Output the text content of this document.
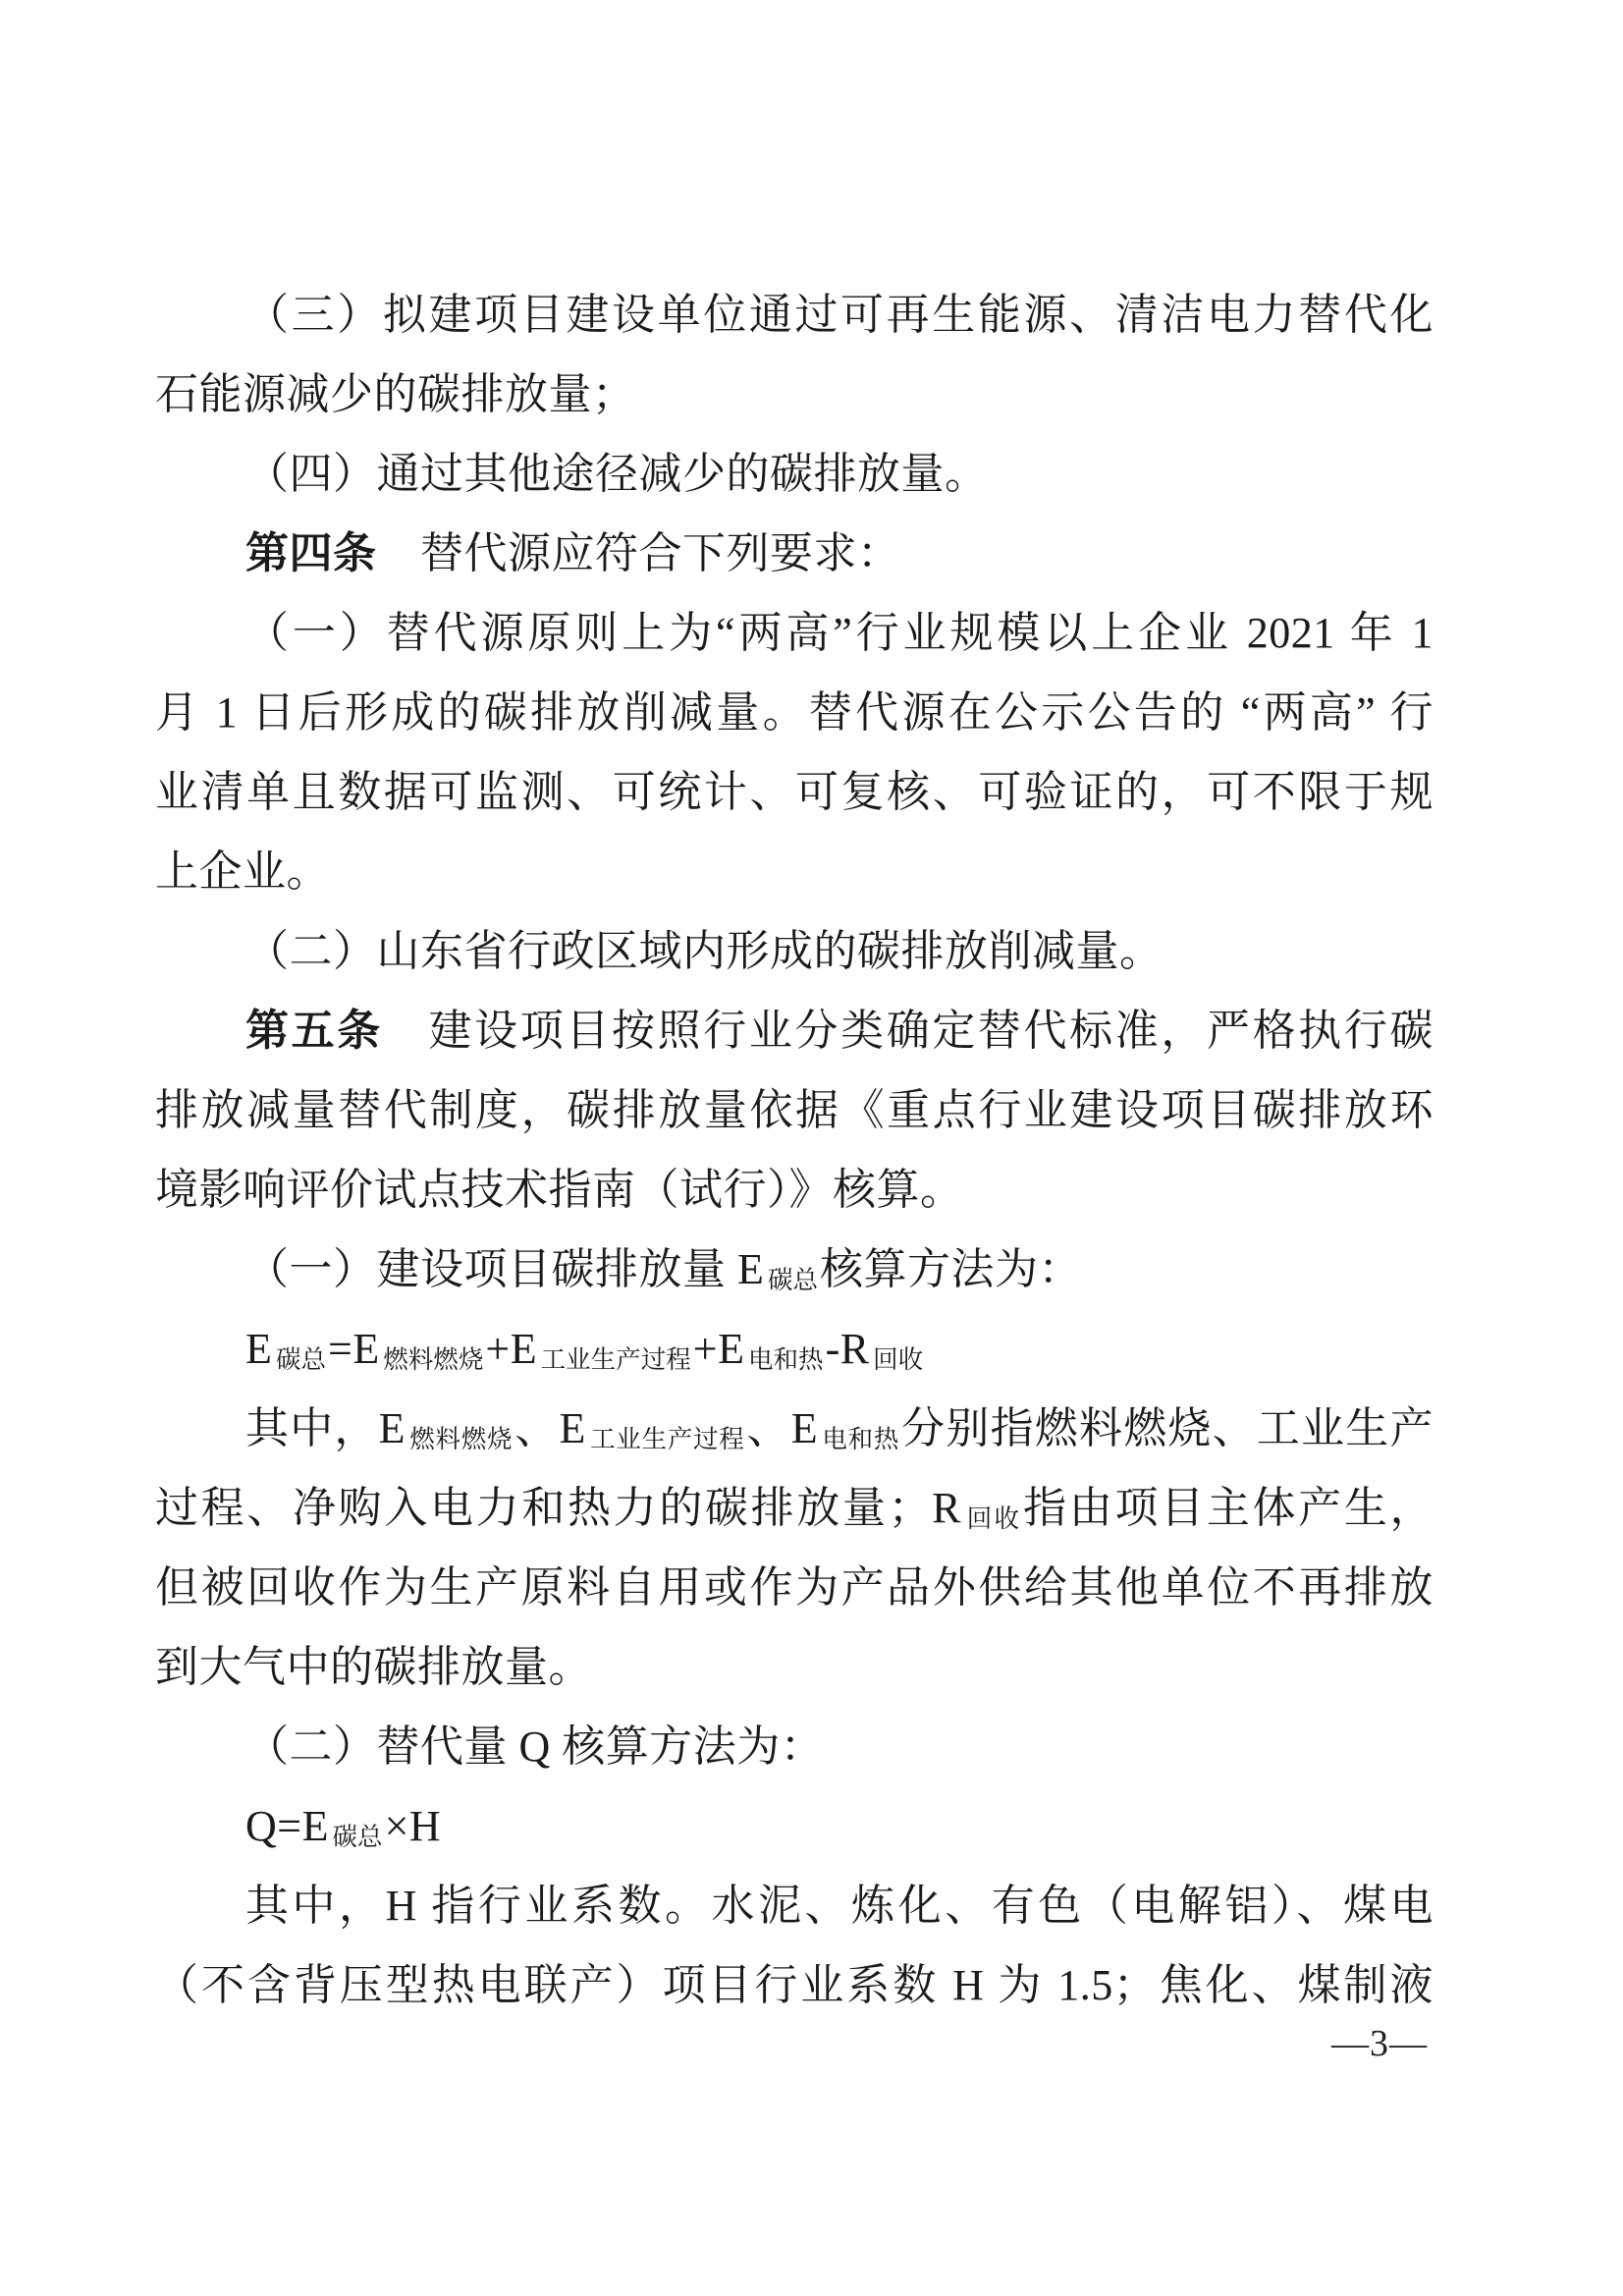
（三）拟建项目建设单位通过可再生能源、清洁电力替代化
石能源减少的碳排放量；
（四）通过其他途径减少的碳排放量。
第四条　替代源应符合下列要求：
（一）替代源原则上为“两高”行业规模以上企业 2021 年 1
月 1 日后形成的碳排放削减量。替代源在公示公告的 “两高” 行
业清单且数据可监测、可统计、可复核、可验证的，可不限于规
上企业。
（二）山东省行政区域内形成的碳排放削减量。
第五条　建设项目按照行业分类确定替代标准，严格执行碳
排放减量替代制度，碳排放量依据《重点行业建设项目碳排放环
境影响评价试点技术指南（试行）》核算。
（一）建设项目碳排放量 E 碳总核算方法为：
E碳总=E 燃料燃烧+E 工业生产过程+E 电和热-R 回收
其中，E 燃料燃烧、E 工业生产过程、E 电和热分别指燃料燃烧、工业生产
过程、净购入电力和热力的碳排放量；R 回收指由项目主体产生，
但被回收作为生产原料自用或作为产品外供给其他单位不再排放
到大气中的碳排放量。
（二）替代量 Q 核算方法为：
Q=E 碳总×H
其中，H 指行业系数。水泥、炼化、有色（电解铝）、煤电
（不含背压型热电联产）项目行业系数 H 为 1.5；焦化、煤制液
—3—
